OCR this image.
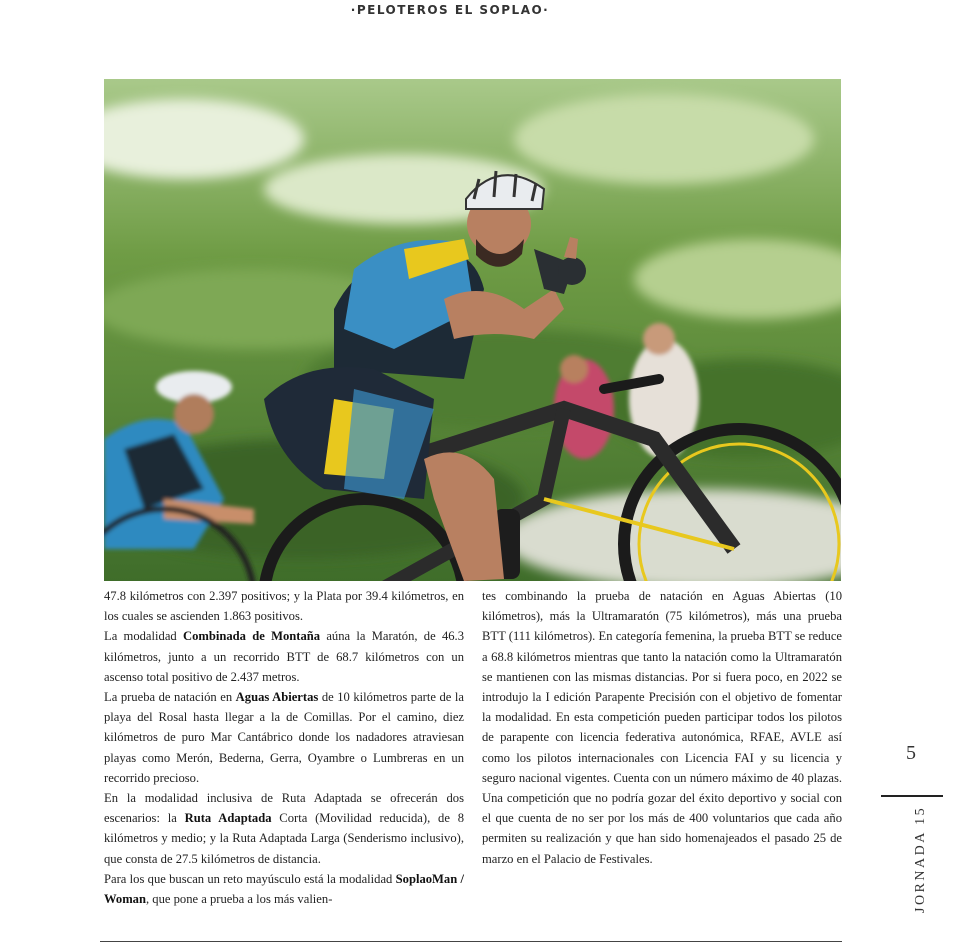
·PELOTEROS EL SOPLAO·

47.8 kilómetros con 2.397 positivos; y la Plata por 39.4 kilómetros, en los cuales se ascienden 1.863 positivos.

La modalidad Combinada de Montaña aúna la Maratón, de 46.3 kilómetros, junto a un recorrido BTT de 68.7 kilómetros con un ascenso total positivo de 2.437 metros.

La prueba de natación en Aguas Abiertas de 10 kilómetros parte de la playa del Rosal hasta llegar a la de Comillas. Por el camino, diez kilómetros de puro Mar Cantábrico donde los nadadores atraviesan playas como Merón, Bederna, Gerra, Oyambre o Lumbreras en un recorrido precioso.

En la modalidad inclusiva de Ruta Adaptada se ofrecerán dos escenarios: la Ruta Adaptada Corta (Movilidad reducida), de 8 kilómetros y medio; y la Ruta Adaptada Larga (Senderismo inclusivo), que consta de 27.5 kilómetros de distancia.

Para los que buscan un reto mayúsculo está la modalidad SoplaoMan / Woman, que pone a prueba a los más valien-

tes combinando la prueba de natación en Aguas Abiertas (10 kilómetros), más la Ultramaratón (75 kilómetros), más una prueba BTT (111 kilómetros). En categoría femenina, la prueba BTT se reduce a 68.8 kilómetros mientras que tanto la natación como la Ultramaratón se mantienen con las mismas distancias. Por si fuera poco, en 2022 se introdujo la I edición Parapente Precisión con el objetivo de fomentar la modalidad. En esta competición pueden participar todos los pilotos de parapente con licencia federativa autonómica, RFAE, AVLE así como los pilotos internacionales con Licencia FAI y su licencia y seguro nacional vigentes. Cuenta con un número máximo de 40 plazas. Una competición que no podría gozar del éxito deportivo y social con el que cuenta de no ser por los más de 400 voluntarios que cada año permiten su realización y que han sido homenajeados el pasado 25 de marzo en el Palacio de Festivales.

5
JORNADA 15
